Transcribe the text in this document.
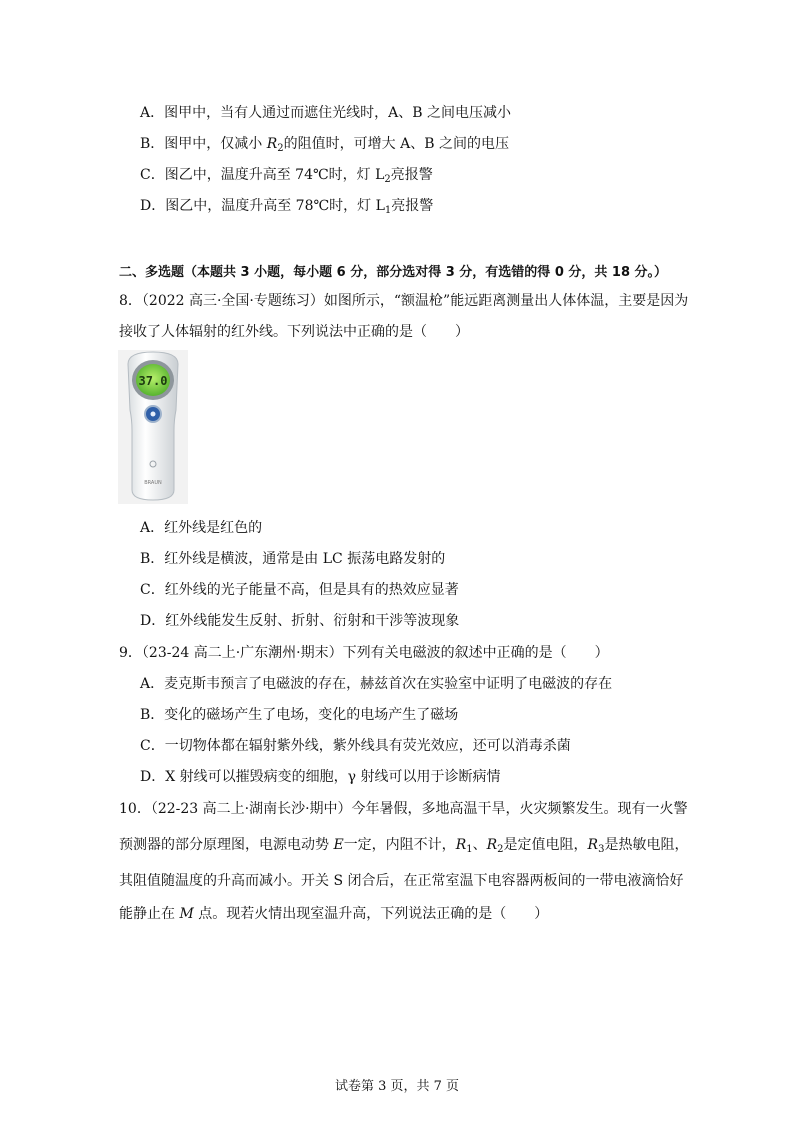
A．图甲中，当有人通过而遮住光线时，A、B 之间电压减小
B．图甲中，仅减小 $R_2$的阻值时，可增大 A、B 之间的电压
C．图乙中，温度升高至 74℃时，灯 $L_2$亮报警
D．图乙中，温度升高至 78℃时，灯 $L_1$亮报警
二、多选题（本题共 3 小题，每小题 6 分，部分选对得 3 分，有选错的得 0 分，共 18 分。）
8．（2022 高三·全国·专题练习）如图所示，“额温枪”能远距离测量出人体体温，主要是因为
接收了人体辐射的红外线。下列说法中正确的是（　　）
37.0
BRAUN
A．红外线是红色的
B．红外线是横波，通常是由 LC 振荡电路发射的
C．红外线的光子能量不高，但是具有的热效应显著
D．红外线能发生反射、折射、衍射和干涉等波现象
9．（23-24 高二上·广东潮州·期末）下列有关电磁波的叙述中正确的是（　　）
A．麦克斯韦预言了电磁波的存在，赫兹首次在实验室中证明了电磁波的存在
B．变化的磁场产生了电场，变化的电场产生了磁场
C．一切物体都在辐射紫外线，紫外线具有荧光效应，还可以消毒杀菌
D．X 射线可以摧毁病变的细胞，γ 射线可以用于诊断病情
10．（22-23 高二上·湖南长沙·期中）今年暑假，多地高温干旱，火灾频繁发生。现有一火警
预测器的部分原理图，电源电动势 E一定，内阻不计，$R_1$、$R_2$是定值电阻，$R_3$是热敏电阻，
其阻值随温度的升高而减小。开关 S 闭合后，在正常室温下电容器两板间的一带电液滴恰好
能静止在 M 点。现若火情出现室温升高，下列说法正确的是（　　）
试卷第 3 页，共 7 页
